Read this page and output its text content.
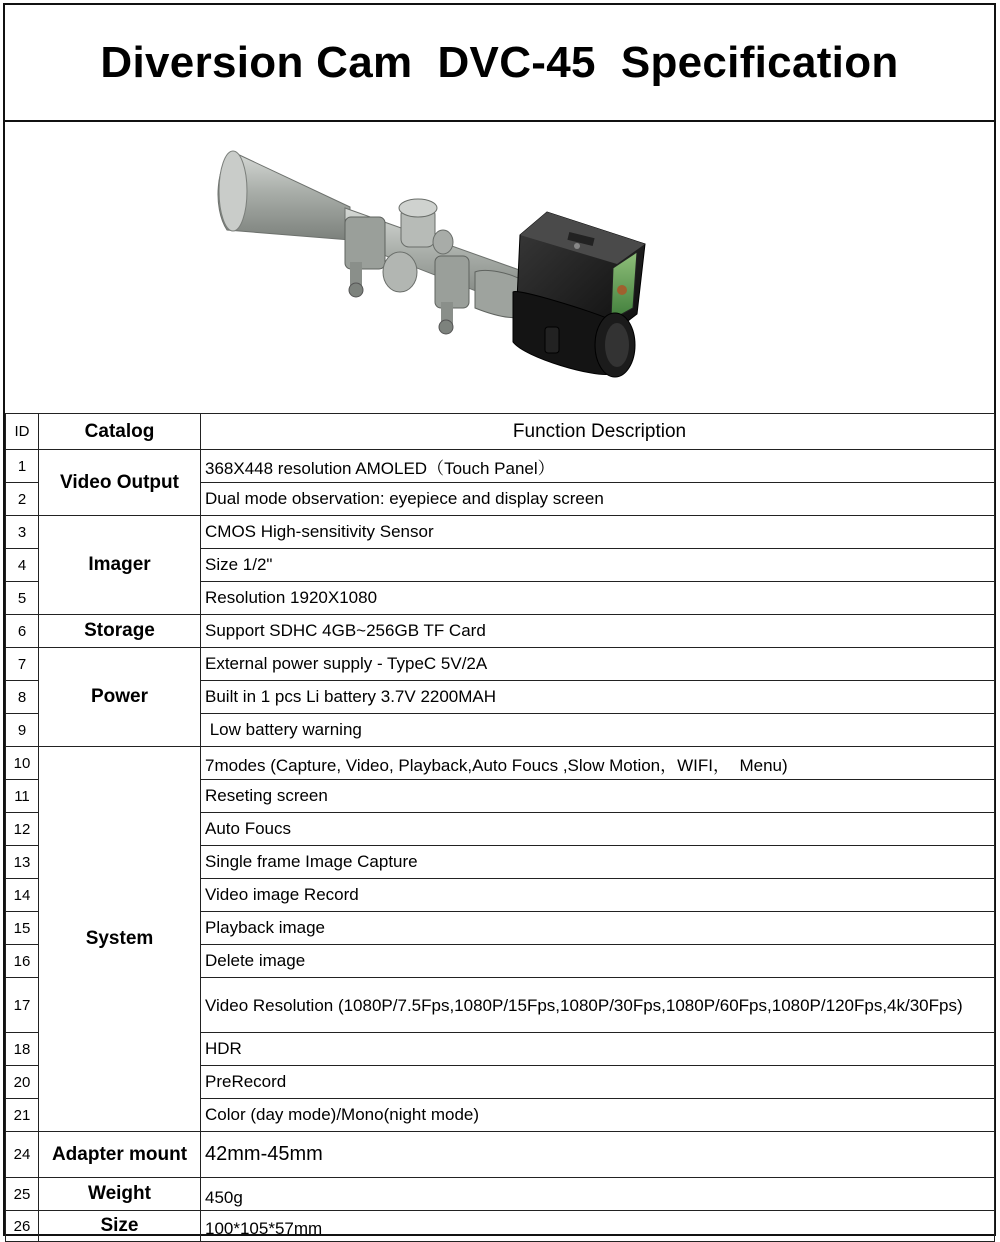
Diversion Cam  DVC-45  Specification
ID	Catalog	Function Description
1	Video Output	368X448 resolution AMOLED（Touch Panel）
2		Dual mode observation: eyepiece and display screen
3	Imager	CMOS High-sensitivity Sensor
4		Size 1/2"
5		Resolution 1920X1080
6	Storage	Support SDHC 4GB~256GB TF Card
7	Power	External power supply - TypeC 5V/2A
8		Built in 1 pcs Li battery 3.7V 2200MAH
9		Low battery warning
10	System	7modes (Capture, Video, Playback,Auto Foucs ,Slow Motion，WIFI，  Menu)
11		Reseting screen
12		Auto Foucs
13		Single frame Image Capture
14		Video image Record
15		Playback image
16		Delete image
17		Video Resolution (1080P/7.5Fps,1080P/15Fps,1080P/30Fps,1080P/60Fps,1080P/120Fps,4k/30Fps)
18		HDR
20		PreRecord
21		Color (day mode)/Mono(night mode)
24	Adapter mount	42mm-45mm
25	Weight	450g
26	Size	100*105*57mm
